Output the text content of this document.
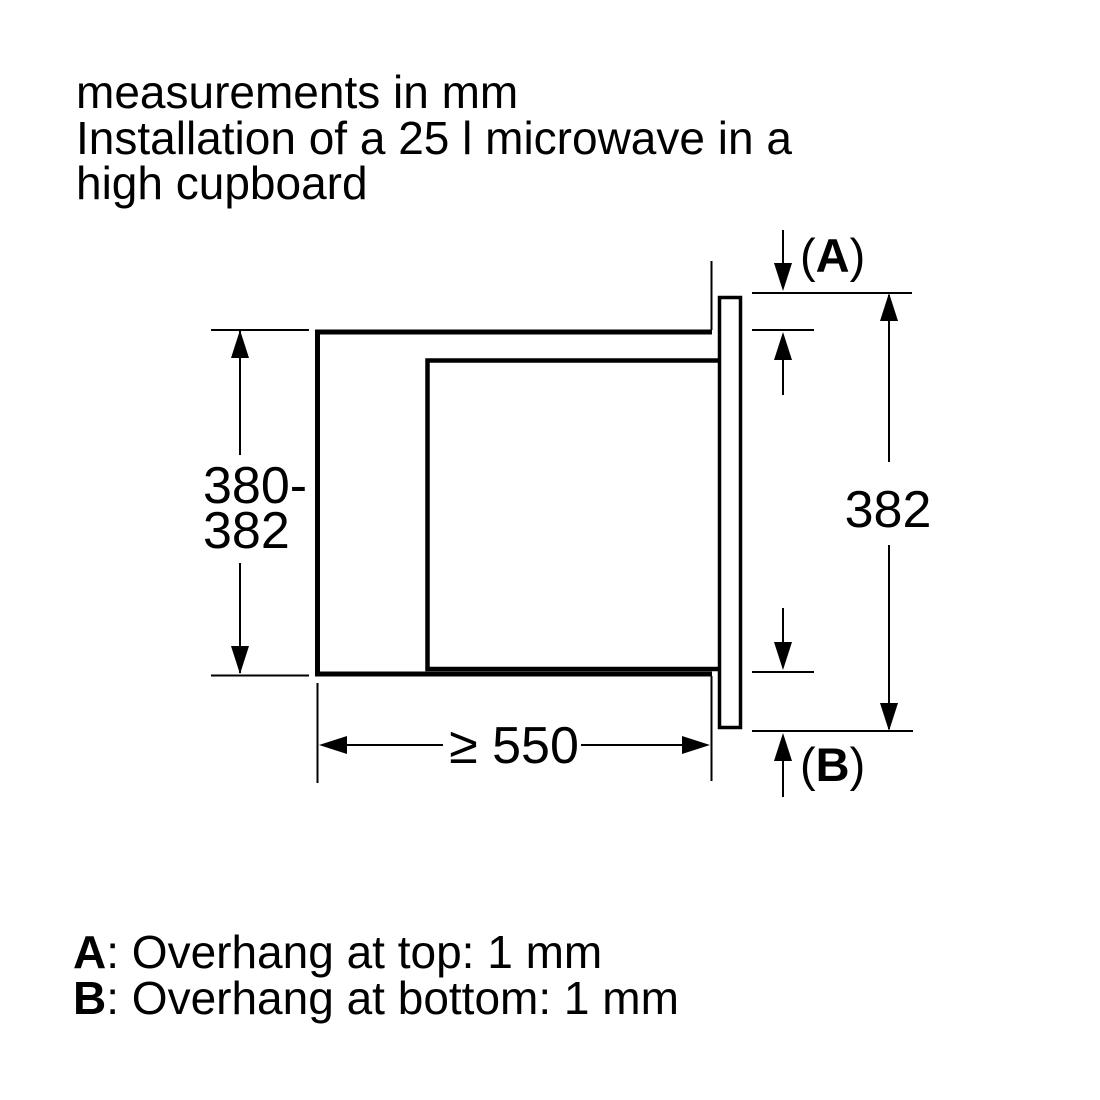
measurements in mm
Installation of a 25 l microwave in a
high cupboard
380-
382	382
(A)
(B)
≥ 550
A: Overhang at top: 1 mm
B: Overhang at bottom: 1 mm
